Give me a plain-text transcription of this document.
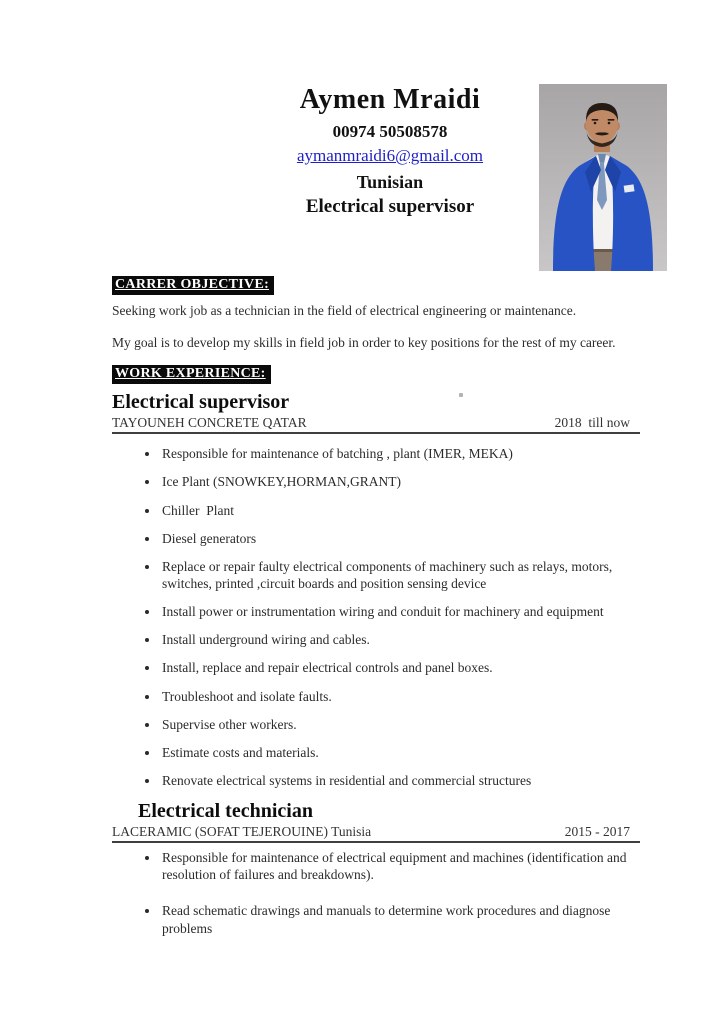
Aymen Mraidi
00974 50508578
aymanmraidi6@gmail.com
Tunisian
Electrical supervisor
CARRER OBJECTIVE:

Seeking work job as a technician in the field of electrical engineering or maintenance.

My goal is to develop my skills in field job in order to key positions for the rest of my career.

WORK EXPERIENCE:
Electrical supervisor
TAYOUNEH CONCRETE QATAR	2018  till now
• Responsible for maintenance of batching , plant (IMER, MEKA)
• Ice Plant (SNOWKEY,HORMAN,GRANT)
• Chiller  Plant
• Diesel generators
• Replace or repair faulty electrical components of machinery such as relays, motors, switches, printed ,circuit boards and position sensing device
• Install power or instrumentation wiring and conduit for machinery and equipment
• Install underground wiring and cables.
• Install, replace and repair electrical controls and panel boxes.
• Troubleshoot and isolate faults.
• Supervise other workers.
• Estimate costs and materials.
• Renovate electrical systems in residential and commercial structures
Electrical technician
LACERAMIC (SOFAT TEJEROUINE) Tunisia	2015 - 2017
• Responsible for maintenance of electrical equipment and machines (identification and resolution of failures and breakdowns).
• Read schematic drawings and manuals to determine work procedures and diagnose problems
